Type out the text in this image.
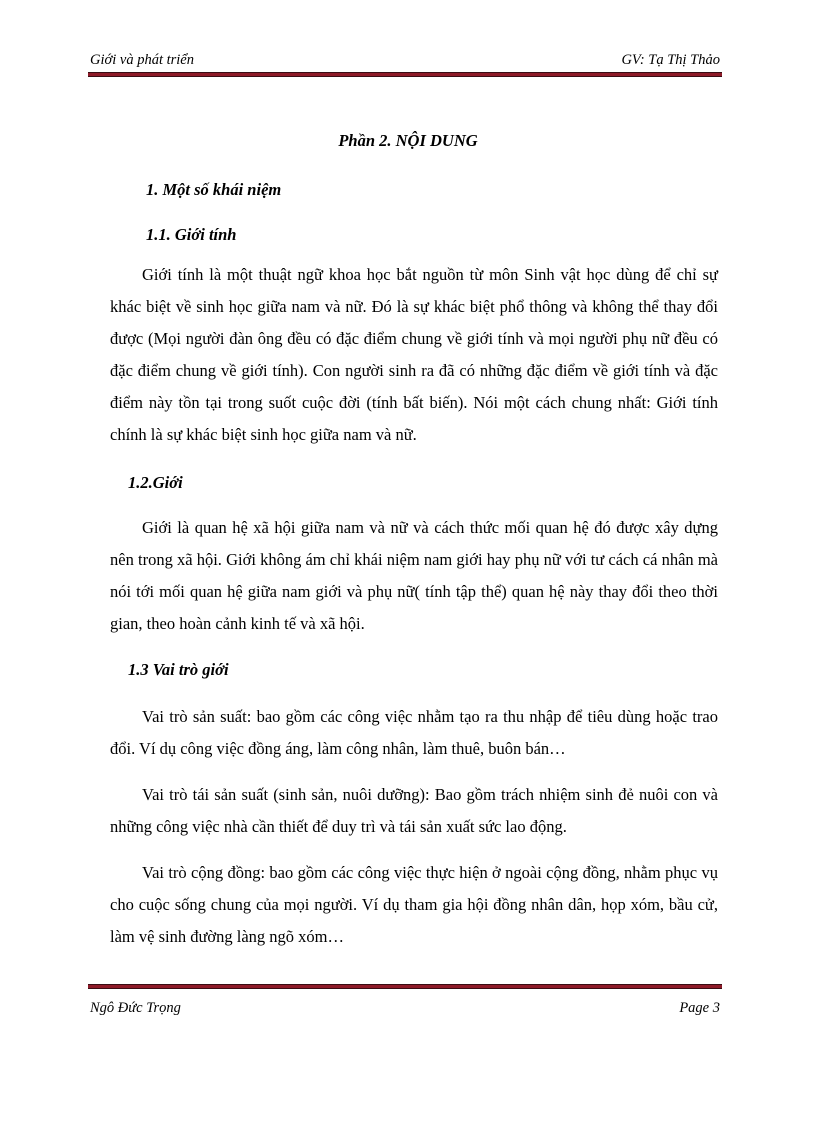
Giới và phát triển	GV: Tạ Thị Thảo
Phần 2. NỘI DUNG
1. Một số khái niệm
1.1. Giới tính

Giới tính là một thuật ngữ khoa học bắt nguồn từ môn Sinh vật học dùng để chỉ sự khác biệt về sinh học giữa nam và nữ. Đó là sự khác biệt phổ thông và không thể thay đổi được (Mọi người đàn ông đều có đặc điểm chung về giới tính và mọi người phụ nữ đều có đặc điểm chung về giới tính). Con người sinh ra đã có những đặc điểm về giới tính và đặc điểm này tồn tại trong suốt cuộc đời (tính bất biến). Nói một cách chung nhất: Giới tính chính là sự khác biệt sinh học giữa nam và nữ.

1.2.Giới

Giới là quan hệ xã hội giữa nam và nữ và cách thức mối quan hệ đó được xây dựng nên trong xã hội. Giới không ám chỉ khái niệm nam giới hay phụ nữ với tư cách cá nhân mà nói tới mối quan hệ giữa nam giới và phụ nữ( tính tập thể) quan hệ này thay đổi theo thời gian, theo hoàn cảnh kinh tế và xã hội.

1.3 Vai trò giới

Vai trò sản suất: bao gồm các công việc nhằm tạo ra thu nhập để tiêu dùng hoặc trao đổi. Ví dụ công việc đồng áng, làm công nhân, làm thuê, buôn bán…

Vai trò tái sản suất (sinh sản, nuôi dưỡng): Bao gồm trách nhiệm sinh đẻ nuôi con và những công việc nhà cần thiết để duy trì và tái sản xuất sức lao động.

Vai trò cộng đồng: bao gồm các công việc thực hiện ở ngoài cộng đồng, nhằm phục vụ cho cuộc sống chung của mọi người. Ví dụ tham gia hội đồng nhân dân, họp xóm, bầu cử, làm vệ sinh đường làng ngõ xóm…

Ngô Đức Trọng	Page 3
